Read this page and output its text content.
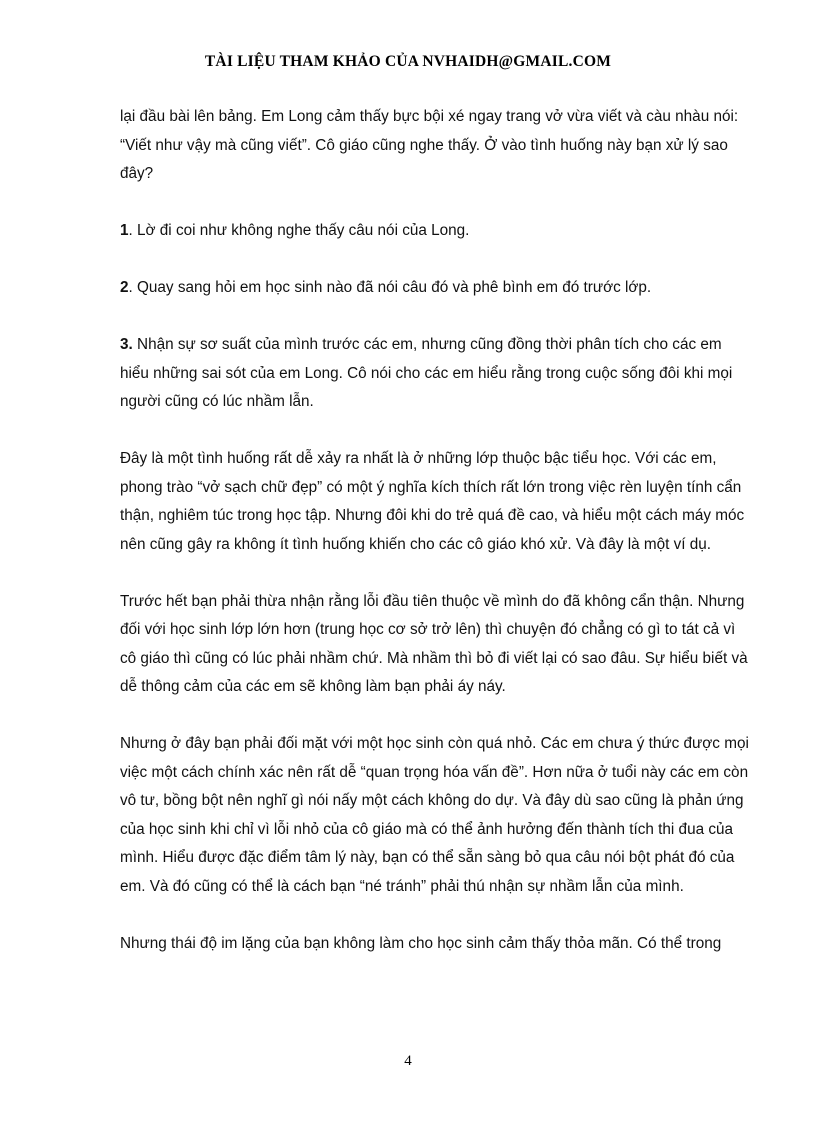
TÀI LIỆU THAM KHẢO CỦA NVHAIDH@GMAIL.COM

lại đầu bài lên bảng. Em Long cảm thấy bực bội xé ngay trang vở vừa viết và càu nhàu nói: “Viết như vậy mà cũng viết”. Cô giáo cũng nghe thấy. Ở vào tình huống này bạn xử lý sao đây?

1. Lờ đi coi như không nghe thấy câu nói của Long.

2. Quay sang hỏi em học sinh nào đã nói câu đó và phê bình em đó trước lớp.

3. Nhận sự sơ suất của mình trước các em, nhưng cũng đồng thời phân tích cho các em hiểu những sai sót của em Long. Cô nói cho các em hiểu rằng trong cuộc sống đôi khi mọi người cũng có lúc nhầm lẫn.

Đây là một tình huống rất dễ xảy ra nhất là ở những lớp thuộc bậc tiểu học. Với các em, phong trào “vở sạch chữ đẹp” có một ý nghĩa kích thích rất lớn trong việc rèn luyện tính cẩn thận, nghiêm túc trong học tập. Nhưng đôi khi do trẻ quá đề cao, và hiểu một cách máy móc nên cũng gây ra không ít tình huống khiến cho các cô giáo khó xử. Và đây là một ví dụ.

Trước hết bạn phải thừa nhận rằng lỗi đầu tiên thuộc về mình do đã không cẩn thận. Nhưng đối với học sinh lớp lớn hơn (trung học cơ sở trở lên) thì chuyện đó chẳng có gì to tát cả vì cô giáo thì cũng có lúc phải nhầm chứ. Mà nhầm thì bỏ đi viết lại có sao đâu. Sự hiểu biết và dễ thông cảm của các em sẽ không làm bạn phải áy náy.

Nhưng ở đây bạn phải đối mặt với một học sinh còn quá nhỏ. Các em chưa ý thức được mọi việc một cách chính xác nên rất dễ “quan trọng hóa vấn đề”. Hơn nữa ở tuổi này các em còn vô tư, bồng bột nên nghĩ gì nói nấy một cách không do dự. Và đây dù sao cũng là phản ứng của học sinh khi chỉ vì lỗi nhỏ của cô giáo mà có thể ảnh hưởng đến thành tích thi đua của mình. Hiểu được đặc điểm tâm lý này, bạn có thể sẵn sàng bỏ qua câu nói bột phát đó của em. Và đó cũng có thể là cách bạn “né tránh” phải thú nhận sự nhầm lẫn của mình.

Nhưng thái độ im lặng của bạn không làm cho học sinh cảm thấy thỏa mãn. Có thể trong

4
